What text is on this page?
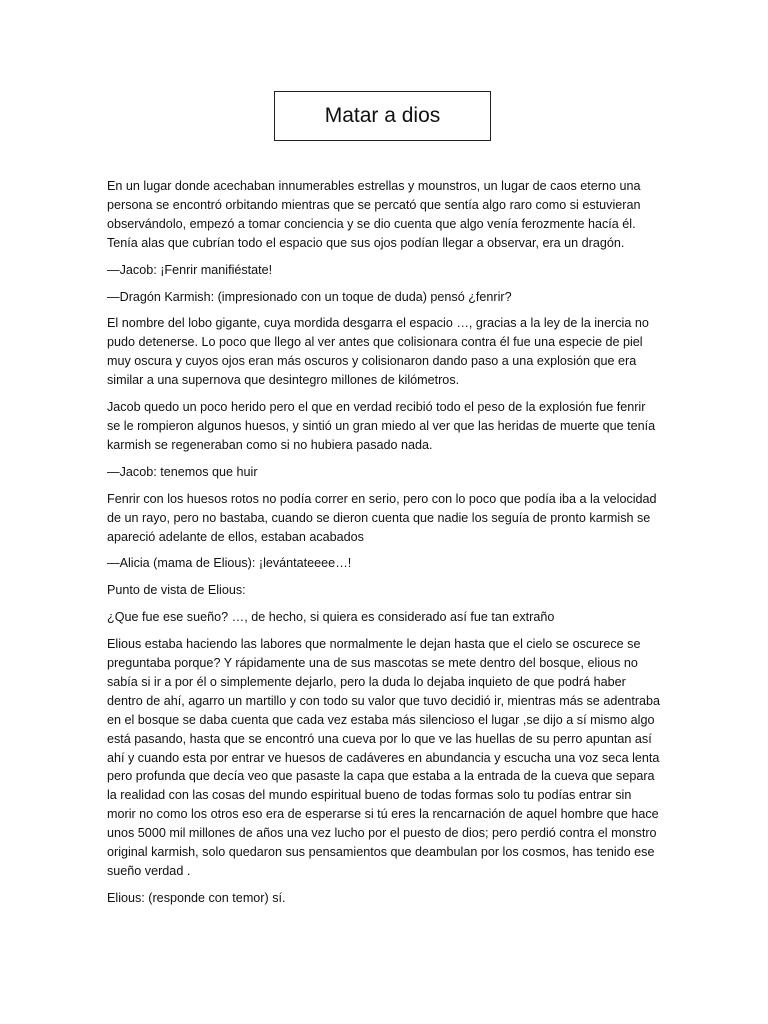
Matar a dios

En un lugar donde acechaban innumerables estrellas y mounstros, un lugar de caos eterno una persona se encontró orbitando mientras que se percató que sentía algo raro como si estuvieran observándolo, empezó a tomar conciencia y se dio cuenta que algo venía ferozmente hacía él. Tenía alas que cubrían todo el espacio que sus ojos podían llegar a observar, era un dragón.

—Jacob: ¡Fenrir manifiéstate!

—Dragón Karmish: (impresionado con un toque de duda) pensó ¿fenrir?

El nombre del lobo gigante, cuya mordida desgarra el espacio …, gracias a la ley de la inercia no pudo detenerse. Lo poco que llego al ver antes que colisionara contra él fue una especie de piel muy oscura y cuyos ojos eran más oscuros y colisionaron dando paso a una explosión que era similar a una supernova que desintegro millones de kilómetros.

Jacob quedo un poco herido pero el que en verdad recibió todo el peso de la explosión fue fenrir se le rompieron algunos huesos, y sintió un gran miedo al ver que las heridas de muerte que tenía karmish se regeneraban como si no hubiera pasado nada.

—Jacob: tenemos que huir

Fenrir con los huesos rotos no podía correr en serio, pero con lo poco que podía iba a la velocidad de un rayo, pero no bastaba, cuando se dieron cuenta que nadie los seguía de pronto karmish se apareció adelante de ellos, estaban acabados

—Alicia (mama de Elious): ¡levántateeee…!

Punto de vista de Elious:

¿Que fue ese sueño? …, de hecho, si quiera es considerado así fue tan extraño

Elious estaba haciendo las labores que normalmente le dejan hasta que el cielo se oscurece se preguntaba porque? Y rápidamente una de sus mascotas se mete dentro del bosque, elious no sabía si ir a por él o simplemente dejarlo, pero la duda lo dejaba inquieto de que podrá haber dentro de ahí, agarro un martillo y con todo su valor que tuvo decidió ir, mientras más se adentraba en el bosque se daba cuenta que cada vez estaba más silencioso el lugar ,se dijo a sí mismo algo está pasando, hasta que se encontró una cueva por lo que ve las huellas de su perro apuntan así ahí y cuando esta por entrar ve huesos de cadáveres en abundancia y escucha una voz seca lenta pero profunda que decía veo que pasaste la capa que estaba a la entrada de la cueva que separa la realidad con las cosas del mundo espiritual bueno de todas formas solo tu podías entrar sin morir no como los otros eso era de esperarse si tú eres la rencarnación de aquel hombre que hace unos 5000 mil millones de años una vez lucho por el puesto de dios; pero perdió contra el monstro original karmish, solo quedaron sus pensamientos que deambulan por los cosmos, has tenido ese sueño verdad .

Elious: (responde con temor) sí.
